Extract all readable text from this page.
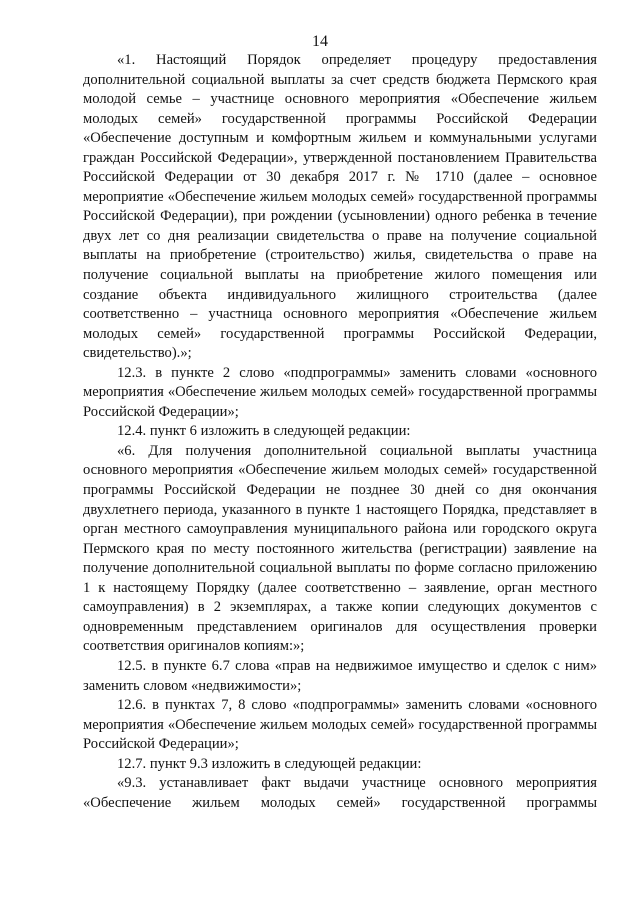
14

«1. Настоящий Порядок определяет процедуру предоставления дополнительной социальной выплаты за счет средств бюджета Пермского края молодой семье – участнице основного мероприятия «Обеспечение жильем молодых семей» государственной программы Российской Федерации «Обеспечение доступным и комфортным жильем и коммунальными услугами граждан Российской Федерации», утвержденной постановлением Правительства Российской Федерации от 30 декабря 2017 г. № 1710 (далее – основное мероприятие «Обеспечение жильем молодых семей» государственной программы Российской Федерации), при рождении (усыновлении) одного ребенка в течение двух лет со дня реализации свидетельства о праве на получение социальной выплаты на приобретение (строительство) жилья, свидетельства о праве на получение социальной выплаты на приобретение жилого помещения или создание объекта индивидуального жилищного строительства (далее соответственно – участница основного мероприятия «Обеспечение жильем молодых семей» государственной программы Российской Федерации, свидетельство).»;

12.3. в пункте 2 слово «подпрограммы» заменить словами «основного мероприятия «Обеспечение жильем молодых семей» государственной программы Российской Федерации»;

12.4. пункт 6 изложить в следующей редакции:

«6. Для получения дополнительной социальной выплаты участница основного мероприятия «Обеспечение жильем молодых семей» государственной программы Российской Федерации не позднее 30 дней со дня окончания двухлетнего периода, указанного в пункте 1 настоящего Порядка, представляет в орган местного самоуправления муниципального района или городского округа Пермского края по месту постоянного жительства (регистрации) заявление на получение дополнительной социальной выплаты по форме согласно приложению 1 к настоящему Порядку (далее соответственно – заявление, орган местного самоуправления) в 2 экземплярах, а также копии следующих документов с одновременным представлением оригиналов для осуществления проверки соответствия оригиналов копиям:»;

12.5. в пункте 6.7 слова «прав на недвижимое имущество и сделок с ним» заменить словом «недвижимости»;

12.6. в пунктах 7, 8 слово «подпрограммы» заменить словами «основного мероприятия «Обеспечение жильем молодых семей» государственной программы Российской Федерации»;

12.7. пункт 9.3 изложить в следующей редакции:

«9.3. устанавливает факт выдачи участнице основного мероприятия «Обеспечение жильем молодых семей» государственной программы
